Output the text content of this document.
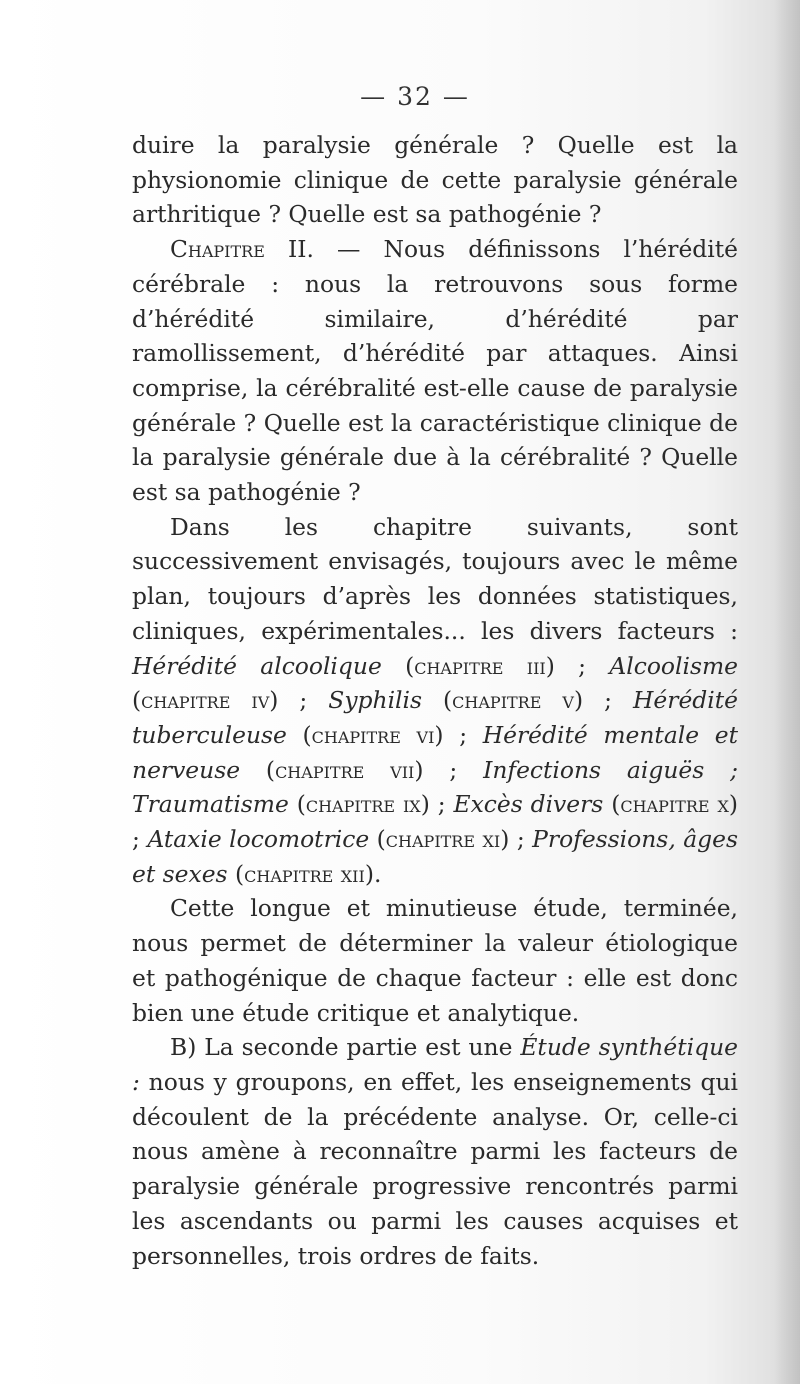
— 32 —

duire la paralysie générale ? Quelle est la physionomie clinique de cette paralysie générale arthritique ? Quelle est sa pathogénie ?

Chapitre II. — Nous définissons l’hérédité cérébrale : nous la retrouvons sous forme d’hérédité similaire, d’hérédité par ramollissement, d’hérédité par attaques. Ainsi comprise, la cérébralité est-elle cause de paralysie générale ? Quelle est la caractéristique clinique de la paralysie générale due à la cérébralité ? Quelle est sa pathogénie ?

Dans les chapitre suivants, sont successivement envisagés, toujours avec le même plan, toujours d’après les données statistiques, cliniques, expérimentales... les divers facteurs : Hérédité alcoolique (chapitre iii) ; Alcoolisme (chapitre iv) ; Syphilis (chapitre v) ; Hérédité tuberculeuse (chapitre vi) ; Hérédité mentale et nerveuse (chapitre vii) ; Infections aiguës ; Traumatisme (chapitre ix) ; Excès divers (chapitre x) ; Ataxie locomotrice (chapitre xi) ; Professions, âges et sexes (chapitre xii).

Cette longue et minutieuse étude, terminée, nous permet de déterminer la valeur étiologique et pathogénique de chaque facteur : elle est donc bien une étude critique et analytique.

B) La seconde partie est une Étude synthétique : nous y groupons, en effet, les enseignements qui découlent de la précédente analyse. Or, celle-ci nous amène à reconnaître parmi les facteurs de paralysie générale progressive rencontrés parmi les ascendants ou parmi les causes acquises et personnelles, trois ordres de faits.
